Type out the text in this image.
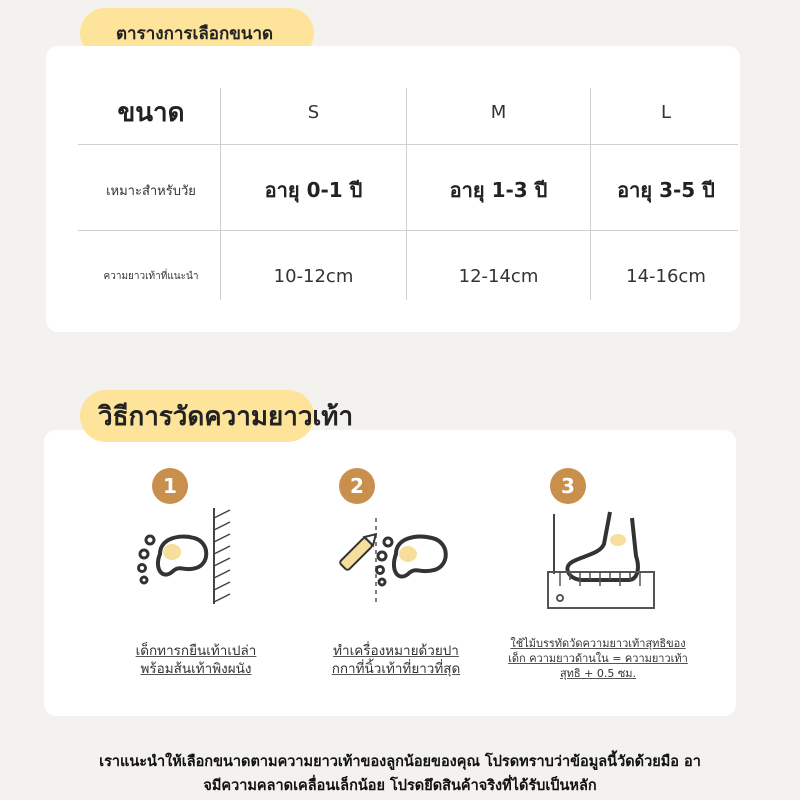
ตารางการเลือกขนาด
ขนาด	S	M	L
เหมาะสำหรับวัย	อายุ 0-1 ปี	อายุ 1-3 ปี	อายุ 3-5 ปี
ความยาวเท้าที่แนะนำ	10-12cm	12-14cm	14-16cm
1
เด็กทารกยืนเท้าเปล่า
พร้อมส้นเท้าพิงผนัง
2
ทำเครื่องหมายด้วยปา
กกาที่นิ้วเท้าที่ยาวที่สุด
3
ใช้ไม้บรรทัดวัดความยาวเท้าสุทธิของ
เด็ก ความยาวด้านใน = ความยาวเท้า
สุทธิ + 0.5 ซม.
วิธีการวัดความยาวเท้า
เราแนะนำให้เลือกขนาดตามความยาวเท้าของลูกน้อยของคุณ โปรดทราบว่าข้อมูลนี้วัดด้วยมือ อา
จมีความคลาดเคลื่อนเล็กน้อย โปรดยึดสินค้าจริงที่ได้รับเป็นหลัก
